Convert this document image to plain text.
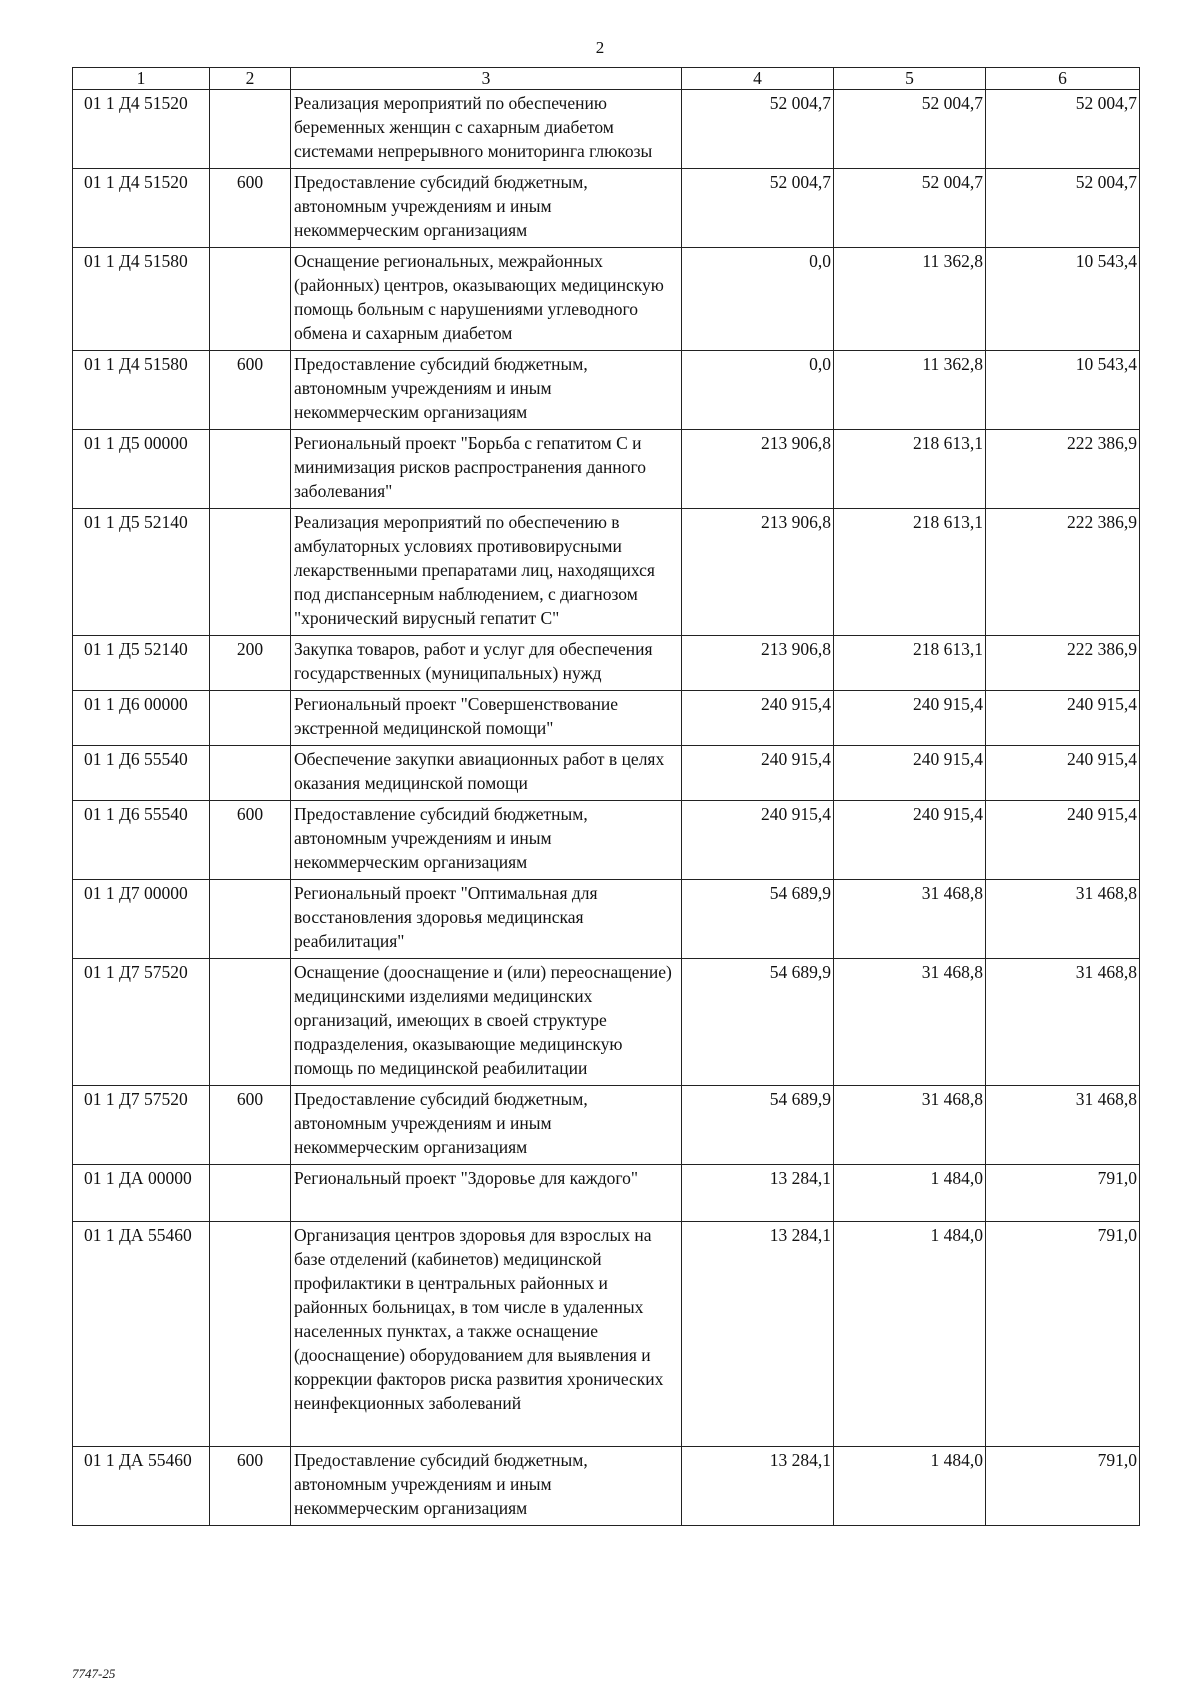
2
1	2	3	4	5	6
01 1 Д4 51520		Реализация мероприятий по обеспечению беременных женщин с сахарным диабетом системами непрерывного мониторинга глюкозы	52 004,7	52 004,7	52 004,7
01 1 Д4 51520	600	Предоставление субсидий бюджетным, автономным учреждениям и иным некоммерческим организациям	52 004,7	52 004,7	52 004,7
01 1 Д4 51580		Оснащение региональных, межрайонных (районных) центров, оказывающих медицинскую помощь больным с нарушениями углеводного обмена и сахарным диабетом	0,0	11 362,8	10 543,4
01 1 Д4 51580	600	Предоставление субсидий бюджетным, автономным учреждениям и иным некоммерческим организациям	0,0	11 362,8	10 543,4
01 1 Д5 00000		Региональный проект "Борьба с гепатитом С и минимизация рисков распространения данного заболевания"	213 906,8	218 613,1	222 386,9
01 1 Д5 52140		Реализация мероприятий по обеспечению в амбулаторных условиях противовирусными лекарственными препаратами лиц, находящихся под диспансерным наблюдением, с диагнозом "хронический вирусный гепатит С"	213 906,8	218 613,1	222 386,9
01 1 Д5 52140	200	Закупка товаров, работ и услуг для обеспечения государственных (муниципальных) нужд	213 906,8	218 613,1	222 386,9
01 1 Д6 00000		Региональный проект "Совершенствование экстренной медицинской помощи"	240 915,4	240 915,4	240 915,4
01 1 Д6 55540		Обеспечение закупки авиационных работ в целях оказания медицинской помощи	240 915,4	240 915,4	240 915,4
01 1 Д6 55540	600	Предоставление субсидий бюджетным, автономным учреждениям и иным некоммерческим организациям	240 915,4	240 915,4	240 915,4
01 1 Д7 00000		Региональный проект "Оптимальная для восстановления здоровья медицинская реабилитация"	54 689,9	31 468,8	31 468,8
01 1 Д7 57520		Оснащение (дооснащение и (или) переоснащение) медицинскими изделиями медицинских организаций, имеющих в своей структуре подразделения, оказывающие медицинскую помощь по медицинской реабилитации	54 689,9	31 468,8	31 468,8
01 1 Д7 57520	600	Предоставление субсидий бюджетным, автономным учреждениям и иным некоммерческим организациям	54 689,9	31 468,8	31 468,8
01 1 ДА 00000		Региональный проект "Здоровье для каждого"	13 284,1	1 484,0	791,0
01 1 ДА 55460		Организация центров здоровья для взрослых на базе отделений (кабинетов) медицинской профилактики в центральных районных и районных больницах, в том числе в удаленных населенных пунктах, а также оснащение (дооснащение) оборудованием для выявления и коррекции факторов риска развития хронических неинфекционных заболеваний	13 284,1	1 484,0	791,0
01 1 ДА 55460	600	Предоставление субсидий бюджетным, автономным учреждениям и иным некоммерческим организациям	13 284,1	1 484,0	791,0
7747-25
